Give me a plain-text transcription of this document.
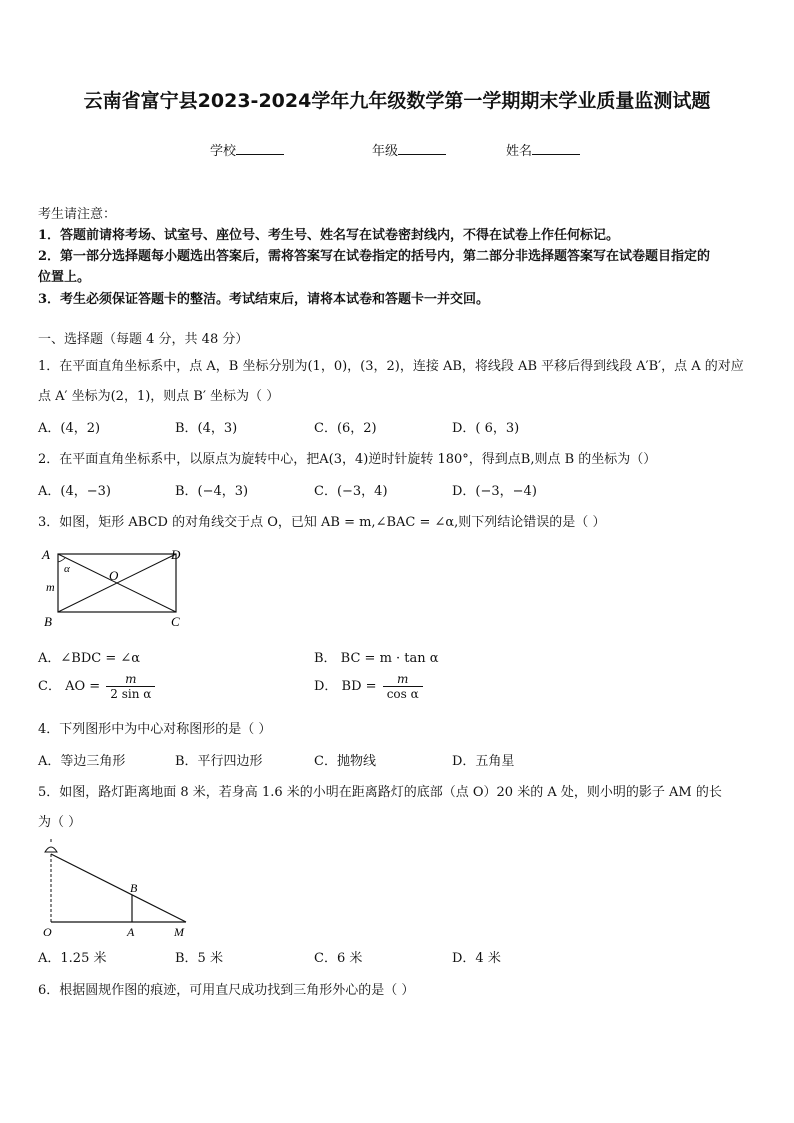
云南省富宁县2023-2024学年九年级数学第一学期期末学业质量监测试题
学校	年级	姓名
考生请注意：
1．答题前请将考场、试室号、座位号、考生号、姓名写在试卷密封线内，不得在试卷上作任何标记。
2．第一部分选择题每小题选出答案后，需将答案写在试卷指定的括号内，第二部分非选择题答案写在试卷题目指定的
位置上。
3．考生必须保证答题卡的整洁。考试结束后，请将本试卷和答题卡一并交回。
一、选择题（每题 4 分，共 48 分）
1．在平面直角坐标系中，点 A，B 坐标分别为(1，0)，(3，2)，连接 AB，将线段 AB 平移后得到线段 A′B′，点 A 的对应
点 A′ 坐标为(2，1)，则点 B′ 坐标为（ ）
A．(4，2)	B．(4，3)	C．(6，2)	D．( 6，3)
2．在平面直角坐标系中，以原点为旋转中心，把A(3，4)逆时针旋转 180°，得到点B,则点 B 的坐标为（）
A．(4，−3)	B．(−4，3)	C．(−3，4)	D．(−3，−4)
3．如图，矩形 ABCD 的对角线交于点 O，已知 AB = m,∠BAC = ∠α,则下列结论错误的是（ ）
A	D
B	C
O
m
α
A．∠BDC = ∠α	B． BC = m · tan α
C． AO = $\frac{m}{\text{2 sin α}}$	D． BD = $\frac{m}{\text{cos α}}$
4．下列图形中为中心对称图形的是（ ）
A．等边三角形	B．平行四边形	C．抛物线	D．五角星
5．如图，路灯距离地面 8 米，若身高 1.6 米的小明在距离路灯的底部（点 O）20 米的 A 处，则小明的影子 AM 的长
为（ ）
O	A	M
B
A．1.25 米	B．5 米	C．6 米	D．4 米
6．根据圆规作图的痕迹，可用直尺成功找到三角形外心的是（ ）
